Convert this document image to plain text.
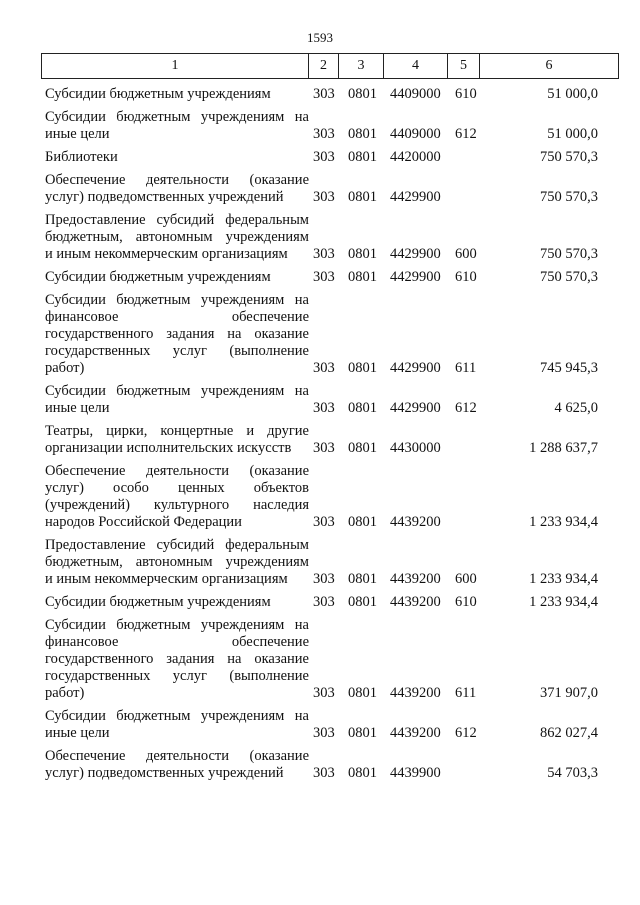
1593
1	2	3	4	5	6
Субсидии бюджетным учреждениям	303 0801 4409000 610	51 000,0
Субсидии бюджетным учреждениям на
иные цели	303 0801 4409000 612	51 000,0
Библиотеки	303 0801 4420000	750 570,3
Обеспечение деятельности (оказание
услуг) подведомственных учреждений	303 0801 4429900	750 570,3
Предоставление субсидий федеральным
бюджетным, автономным учреждениям
и иным некоммерческим организациям	303 0801 4429900 600	750 570,3
Субсидии бюджетным учреждениям	303 0801 4429900 610	750 570,3
Субсидии бюджетным учреждениям на
финансовое обеспечение
государственного задания на оказание
государственных услуг (выполнение
работ)	303 0801 4429900 611	745 945,3
Субсидии бюджетным учреждениям на
иные цели	303 0801 4429900 612	4 625,0
Театры, цирки, концертные и другие
организации исполнительских искусств	303 0801 4430000	1 288 637,7
Обеспечение деятельности (оказание
услуг) особо ценных объектов
(учреждений) культурного наследия
народов Российской Федерации	303 0801 4439200	1 233 934,4
Предоставление субсидий федеральным
бюджетным, автономным учреждениям
и иным некоммерческим организациям	303 0801 4439200 600	1 233 934,4
Субсидии бюджетным учреждениям	303 0801 4439200 610	1 233 934,4
Субсидии бюджетным учреждениям на
финансовое обеспечение
государственного задания на оказание
государственных услуг (выполнение
работ)	303 0801 4439200 611	371 907,0
Субсидии бюджетным учреждениям на
иные цели	303 0801 4439200 612	862 027,4
Обеспечение деятельности (оказание
услуг) подведомственных учреждений	303 0801 4439900	54 703,3
